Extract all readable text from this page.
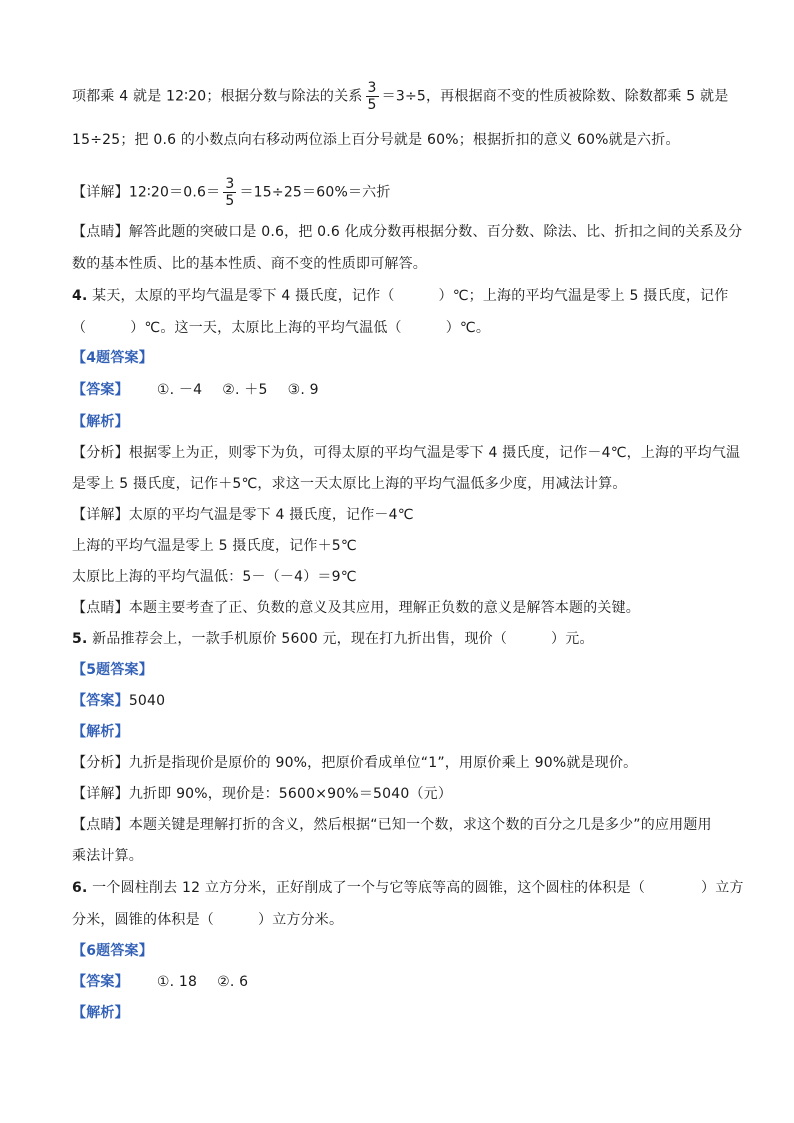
项都乘 4 就是 12∶20；根据分数与除法的关系 $\frac{3}{5} =3\div 5$，再根据商不变的性质被除数、除数都乘 5 就是
15÷25；把 0.6 的小数点向右移动两位添上百分号就是 60%；根据折扣的意义 60%就是六折。
【详解】12∶20＝0.6＝ $\frac{3}{5} =15\div 25=60\%=$六折
【点睛】解答此题的突破口是 0.6，把 0.6 化成分数再根据分数、百分数、除法、比、折扣之间的关系及分
数的基本性质、比的基本性质、商不变的性质即可解答。
4. 某天，太原的平均气温是零下 4 摄氏度，记作（	）℃；上海的平均气温是零上 5 摄氏度，记作
（	）℃。这一天，太原比上海的平均气温低（	）℃。
【4题答案】
【答案】 ①. －4 ②. ＋5 ③. 9
【解析】
【分析】根据零上为正，则零下为负，可得太原的平均气温是零下 4 摄氏度，记作－4℃，上海的平均气温
是零上 5 摄氏度，记作＋5℃，求这一天太原比上海的平均气温低多少度，用减法计算。
【详解】太原的平均气温是零下 4 摄氏度，记作－4℃
上海的平均气温是零上 5 摄氏度，记作＋5℃
太原比上海的平均气温低：5－（－4）＝9℃
【点睛】本题主要考查了正、负数的意义及其应用，理解正负数的意义是解答本题的关键。
5. 新品推荐会上，一款手机原价 5600 元，现在打九折出售，现价（	）元。
【5题答案】
【答案】5040
【解析】
【分析】九折是指现价是原价的 90%，把原价看成单位“1”，用原价乘上 90%就是现价。
【详解】九折即 90%，现价是：5600×90%＝5040（元）
【点睛】本题关键是理解打折的含义，然后根据“已知一个数，求这个数的百分之几是多少”的应用题用
乘法计算。
6. 一个圆柱削去 12 立方分米，正好削成了一个与它等底等高的圆锥，这个圆柱的体积是（	）立方
分米，圆锥的体积是（	）立方分米。
【6题答案】
【答案】 ①. 18 ②. 6
【解析】
